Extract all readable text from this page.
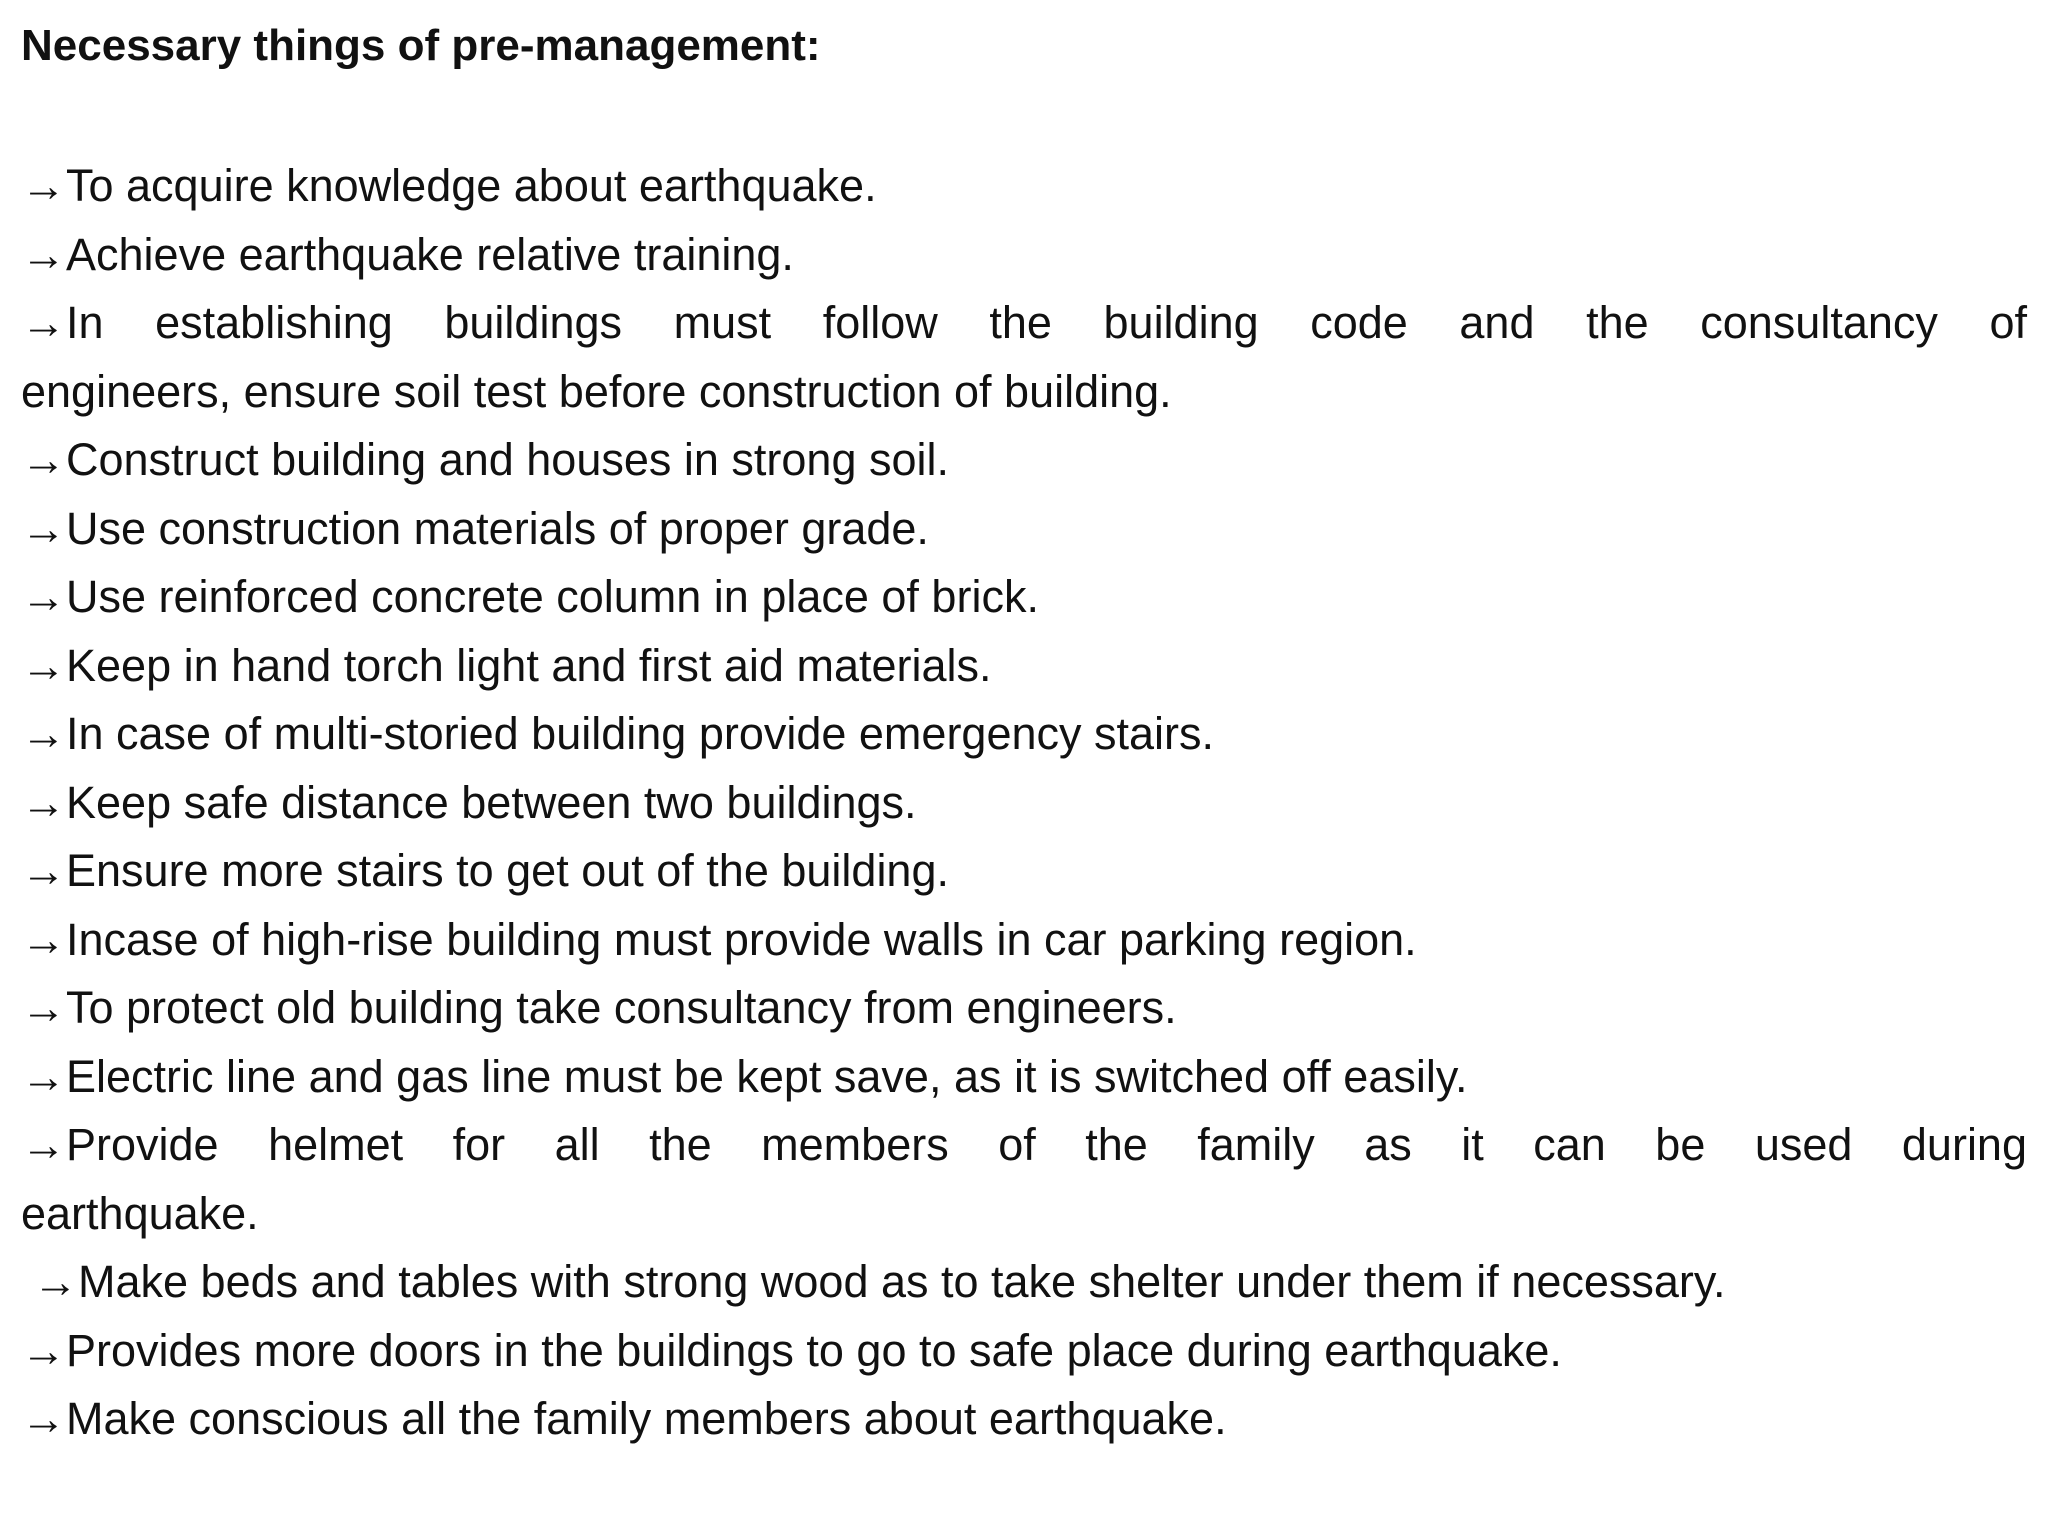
Necessary things of pre-management:
→To acquire knowledge about earthquake.
→Achieve earthquake relative training.
→In establishing buildings must follow the building code and the consultancy of
engineers, ensure soil test before construction of building.
→Construct building and houses in strong soil.
→Use construction materials of proper grade.
→Use reinforced concrete column in place of brick.
→Keep in hand torch light and first aid materials.
→In case of multi-storied building provide emergency stairs.
→Keep safe distance between two buildings.
→Ensure more stairs to get out of the building.
→Incase of high-rise building must provide walls in car parking region.
→To protect old building take consultancy from engineers.
→Electric line and gas line must be kept save, as it is switched off easily.
→Provide helmet for all the members of the family as it can be used during
earthquake.
→Make beds and tables with strong wood as to take shelter under them if necessary.
→Provides more doors in the buildings to go to safe place during earthquake.
→Make conscious all the family members about earthquake.
